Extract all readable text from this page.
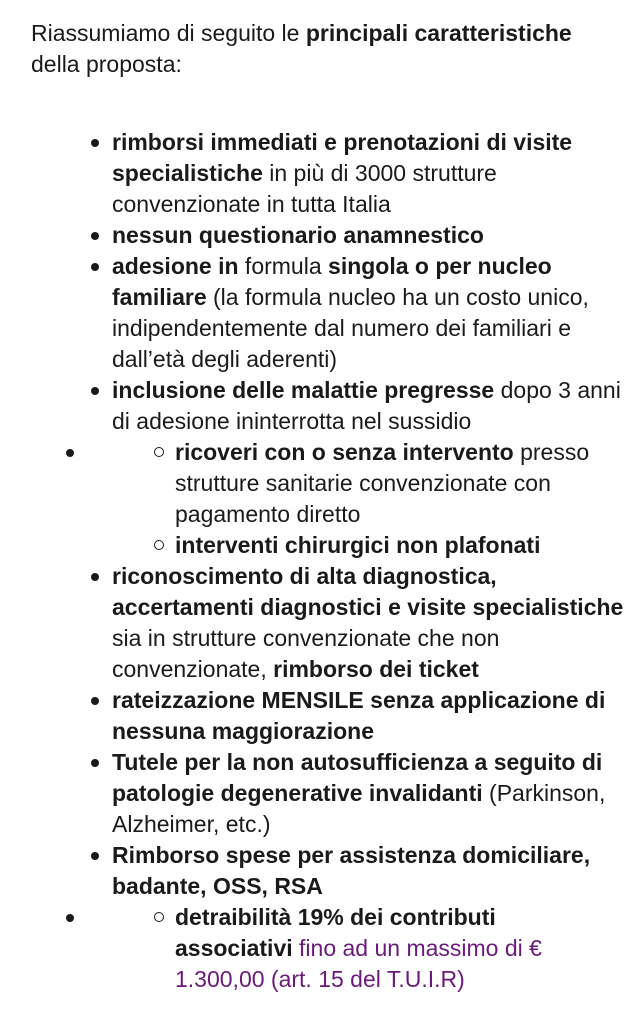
Riassumiamo di seguito le principali caratteristiche della proposta:

rimborsi immediati e prenotazioni di visite specialistiche in più di 3000 strutture convenzionate in tutta Italia
nessun questionario anamnestico
adesione in formula singola o per nucleo familiare (la formula nucleo ha un costo unico, indipendentemente dal numero dei familiari e dall’età degli aderenti)
inclusione delle malattie pregresse dopo 3 anni di adesione ininterrotta nel sussidio
ricoveri con o senza intervento presso strutture sanitarie convenzionate con pagamento diretto
interventi chirurgici non plafonati
riconoscimento di alta diagnostica, accertamenti diagnostici e visite specialistiche sia in strutture convenzionate che non convenzionate, rimborso dei ticket
rateizzazione MENSILE senza applicazione di nessuna maggiorazione
Tutele per la non autosufficienza a seguito di patologie degenerative invalidanti (Parkinson, Alzheimer, etc.)
Rimborso spese per assistenza domiciliare, badante, OSS, RSA
detraibilità 19% dei contributi associativi fino ad un massimo di € 1.300,00 (art. 15 del T.U.I.R)
